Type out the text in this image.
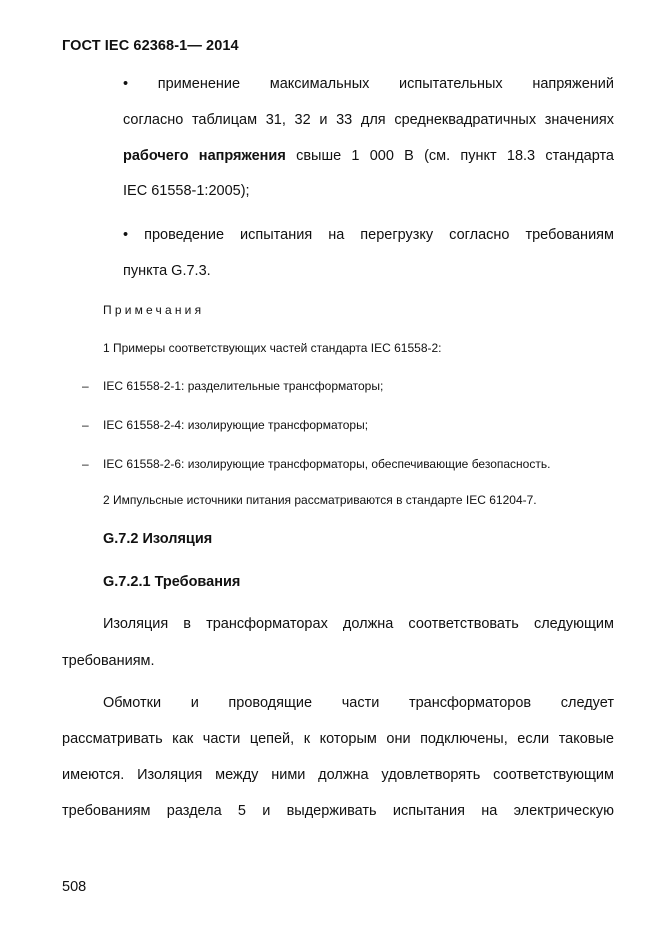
ГОСТ IEC 62368-1— 2014
• применение максимальных испытательных напряжений
согласно таблицам 31, 32 и 33 для среднеквадратичных значениях
рабочего напряжения свыше 1 000 В (см. пункт 18.3 стандарта
IEC 61558-1:2005);
• проведение испытания на перегрузку согласно требованиям
пункта G.7.3.
Примечания
1 Примеры соответствующих частей стандарта IEC 61558-2:
– IEC 61558-2-1: разделительные трансформаторы;
– IEC 61558-2-4: изолирующие трансформаторы;
– IEC 61558-2-6: изолирующие трансформаторы, обеспечивающие безопасность.
2 Импульсные источники питания рассматриваются в стандарте IEC 61204-7.
G.7.2 Изоляция
G.7.2.1 Требования
Изоляция в трансформаторах должна соответствовать следующим
требованиям.
Обмотки и проводящие части трансформаторов следует
рассматривать как части цепей, к которым они подключены, если таковые
имеются. Изоляция между ними должна удовлетворять соответствующим
требованиям раздела 5 и выдерживать испытания на электрическую
508
